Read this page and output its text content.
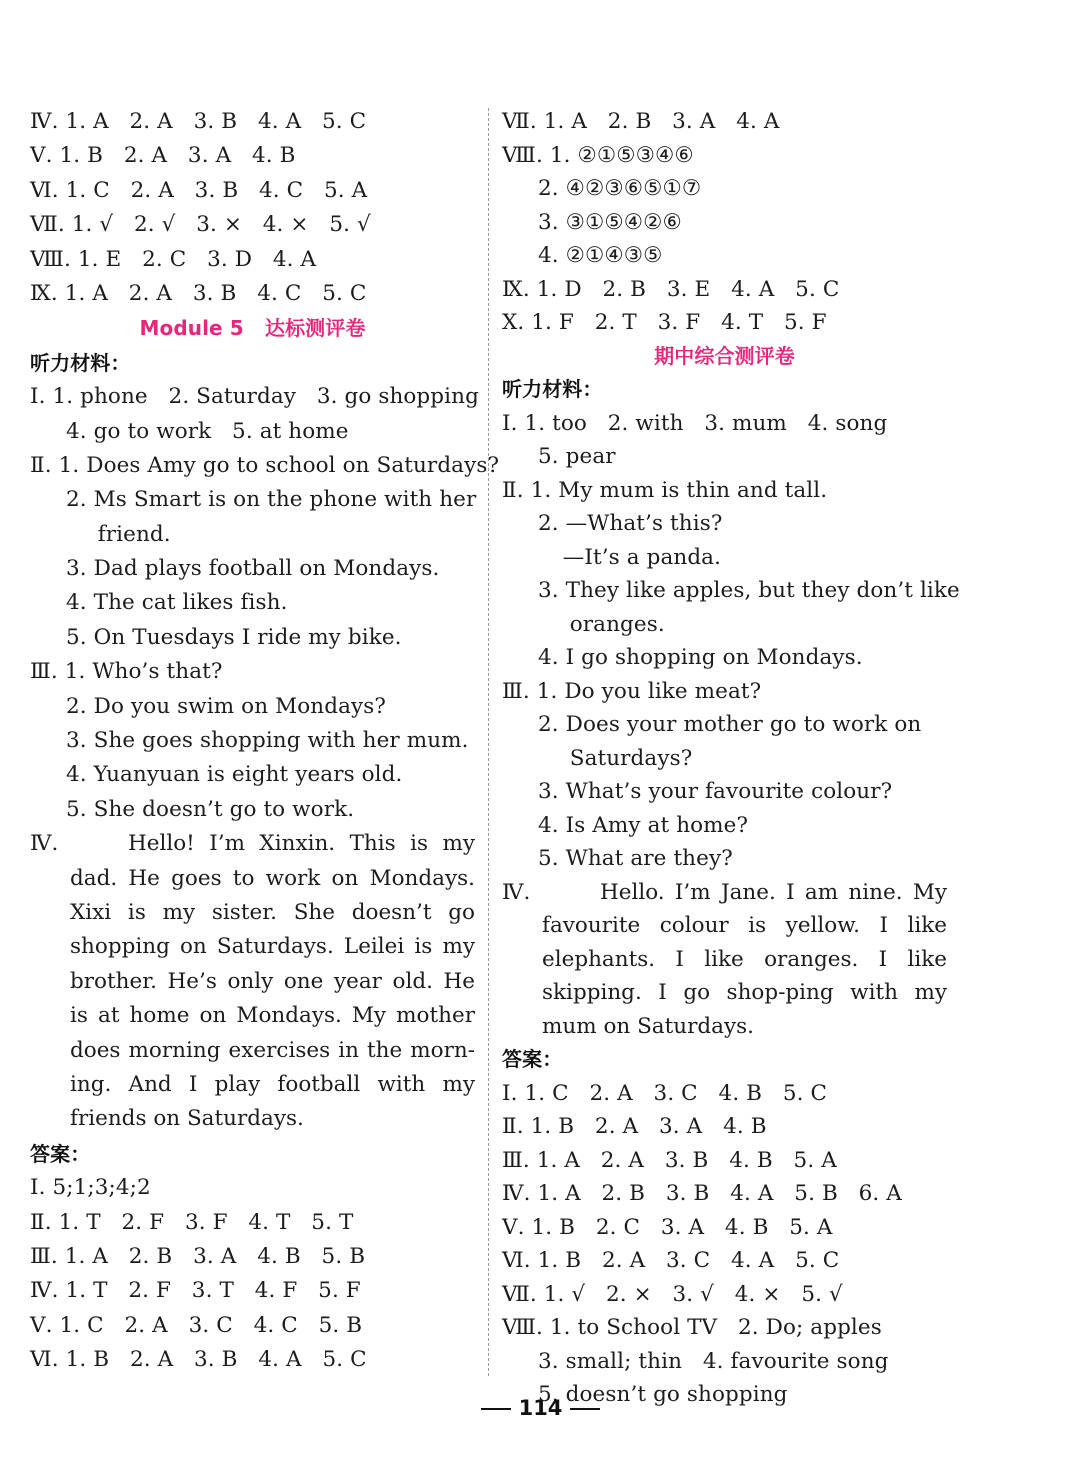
Ⅳ. 1. A   2. A   3. B   4. A   5. C
Ⅴ. 1. B   2. A   3. A   4. B
Ⅵ. 1. C   2. A   3. B   4. C   5. A
Ⅶ. 1. √   2. √   3. ×   4. ×   5. √
Ⅷ. 1. E   2. C   3. D   4. A
Ⅸ. 1. A   2. A   3. B   4. C   5. C
Module 5   达标测评卷
听力材料：
Ⅰ. 1. phone   2. Saturday   3. go shopping
4. go to work   5. at home
Ⅱ. 1. Does Amy go to school on Saturdays?
2. Ms Smart is on the phone with her
friend.
3. Dad plays football on Mondays.
4. The cat likes fish.
5. On Tuesdays I ride my bike.
Ⅲ. 1. Who’s that?
2. Do you swim on Mondays?
3. She goes shopping with her mum.
4. Yuanyuan is eight years old.
5. She doesn’t go to work.
Ⅳ.	Hello! I’m Xinxin. This is my dad. He goes to work on Mondays. Xixi is my sister. She doesn’t go shopping on Saturdays. Leilei is my brother. He’s only one year old. He is at home on Mondays. My mother does morning exercises in the morn-ing. And I play football with my friends on Saturdays.
答案：
Ⅰ. 5;1;3;4;2
Ⅱ. 1. T   2. F   3. F   4. T   5. T
Ⅲ. 1. A   2. B   3. A   4. B   5. B
Ⅳ. 1. T   2. F   3. T   4. F   5. F
Ⅴ. 1. C   2. A   3. C   4. C   5. B
Ⅵ. 1. B   2. A   3. B   4. A   5. C
Ⅶ. 1. A   2. B   3. A   4. A
Ⅷ. 1. ②①⑤③④⑥
2. ④②③⑥⑤①⑦
3. ③①⑤④②⑥
4. ②①④③⑤
Ⅸ. 1. D   2. B   3. E   4. A   5. C
Ⅹ. 1. F   2. T   3. F   4. T   5. F
期中综合测评卷
听力材料：
Ⅰ. 1. too   2. with   3. mum   4. song
5. pear
Ⅱ. 1. My mum is thin and tall.
2. —What’s this?
—It’s a panda.
3. They like apples, but they don’t like
oranges.
4. I go shopping on Mondays.
Ⅲ. 1. Do you like meat?
2. Does your mother go to work on
Saturdays?
3. What’s your favourite colour?
4. Is Amy at home?
5. What are they?
Ⅳ.	Hello. I’m Jane. I am nine. My favourite colour is yellow. I like elephants. I like oranges. I like skipping. I go shop-ping with my mum on Saturdays.
答案：
Ⅰ. 1. C   2. A   3. C   4. B   5. C
Ⅱ. 1. B   2. A   3. A   4. B
Ⅲ. 1. A   2. A   3. B   4. B   5. A
Ⅳ. 1. A   2. B   3. B   4. A   5. B   6. A
Ⅴ. 1. B   2. C   3. A   4. B   5. A
Ⅵ. 1. B   2. A   3. C   4. A   5. C
Ⅶ. 1. √   2. ×   3. √   4. ×   5. √
Ⅷ. 1. to School TV   2. Do; apples
3. small; thin   4. favourite song
5. doesn’t go shopping
114
